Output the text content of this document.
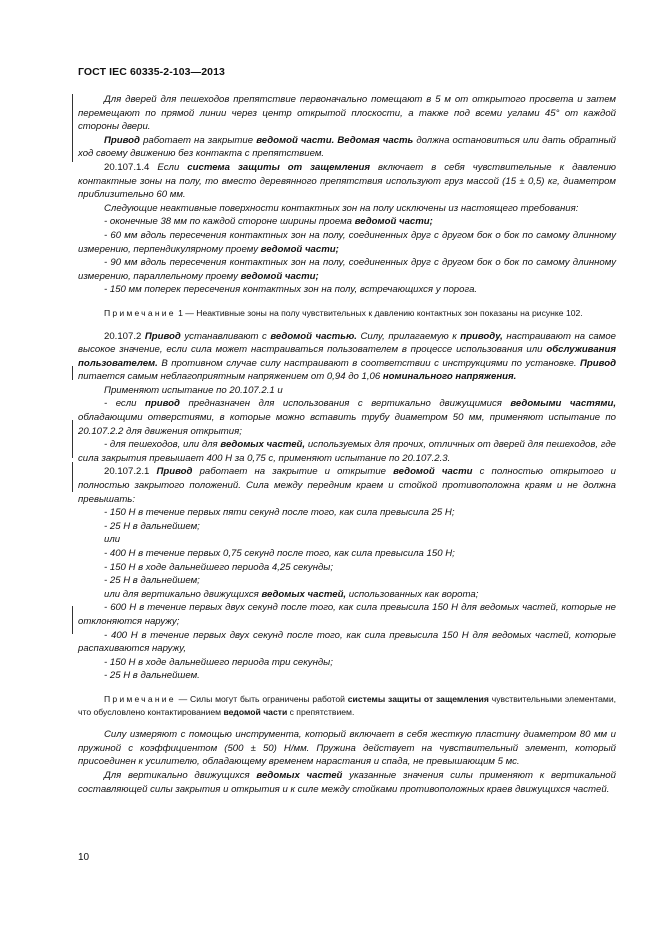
ГОСТ IEC 60335-2-103—2013

Для дверей для пешеходов препятствие первоначально помещают в 5 м от открытого просвета и затем перемещают по прямой линии через центр открытой плоскости, а также под всеми углами 45° от каждой стороны двери.

Привод работает на закрытие ведомой части. Ведомая часть должна остановиться или дать обратный ход своему движению без контакта с препятствием.

20.107.1.4 Если система защиты от защемления включает в себя чувствительные к давлению контактные зоны на полу, то вместо деревянного препятствия используют груз массой (15 ± 0,5) кг, диаметром приблизительно 60 мм.

Следующие неактивные поверхности контактных зон на полу исключены из настоящего требования:

- оконечные 38 мм по каждой стороне ширины проема ведомой части;

- 60 мм вдоль пересечения контактных зон на полу, соединенных друг с другом бок о бок по самому длинному измерению, перпендикулярному проему ведомой части;

- 90 мм вдоль пересечения контактных зон на полу, соединенных друг с другом бок о бок по самому длинному измерению, параллельному проему ведомой части;

- 150 мм поперек пересечения контактных зон на полу, встречающихся у порога.

Примечание 1 — Неактивные зоны на полу чувствительных к давлению контактных зон показаны на рисунке 102.

20.107.2 Привод устанавливают с ведомой частью. Силу, прилагаемую к приводу, настраивают на самое высокое значение, если сила может настраиваться пользователем в процессе использования или обслуживания пользователем. В противном случае силу настраивают в соответствии с инструкциями по установке. Привод питается самым неблагоприятным напряжением от 0,94 до 1,06 номинального напряжения.

Применяют испытание по 20.107.2.1 и

- если привод предназначен для использования с вертикально движущимися ведомыми частями, обладающими отверстиями, в которые можно вставить трубу диаметром 50 мм, применяют испытание по 20.107.2.2 для движения открытия;

- для пешеходов, или для ведомых частей, используемых для прочих, отличных от дверей для пешеходов, где сила закрытия превышает 400 Н за 0,75 с, применяют испытание по 20.107.2.3.

20.107.2.1 Привод работает на закрытие и открытие ведомой части с полностью открытого и полностью закрытого положений. Сила между передним краем и стойкой противоположна краям и не должна превышать:

- 150 Н в течение первых пяти секунд после того, как сила превысила 25 Н;

- 25 Н в дальнейшем;

или

- 400 Н в течение первых 0,75 секунд после того, как сила превысила 150 Н;

- 150 Н в ходе дальнейшего периода 4,25 секунды;

- 25 Н в дальнейшем;

или для вертикально движущихся ведомых частей, использованных как ворота;

- 600 Н в течение первых двух секунд после того, как сила превысила 150 Н для ведомых частей, которые не отклоняются наружу;

- 400 Н в течение первых двух секунд после того, как сила превысила 150 Н для ведомых частей, которые распахиваются наружу,

- 150 Н в ходе дальнейшего периода три секунды;

- 25 Н в дальнейшем.

Примечание — Силы могут быть ограничены работой системы защиты от защемления чувствительными элементами, что обусловлено контактированием ведомой части с препятствием.

Силу измеряют с помощью инструмента, который включает в себя жесткую пластину диаметром 80 мм и пружиной с коэффициентом (500 ± 50) Н/мм. Пружина действует на чувствительный элемент, который присоединен к усилителю, обладающему временем нарастания и спада, не превышающим 5 мс.

Для вертикально движущихся ведомых частей указанные значения силы применяют к вертикальной составляющей силы закрытия и открытия и к силе между стойками противоположных краев движущихся частей.

10
